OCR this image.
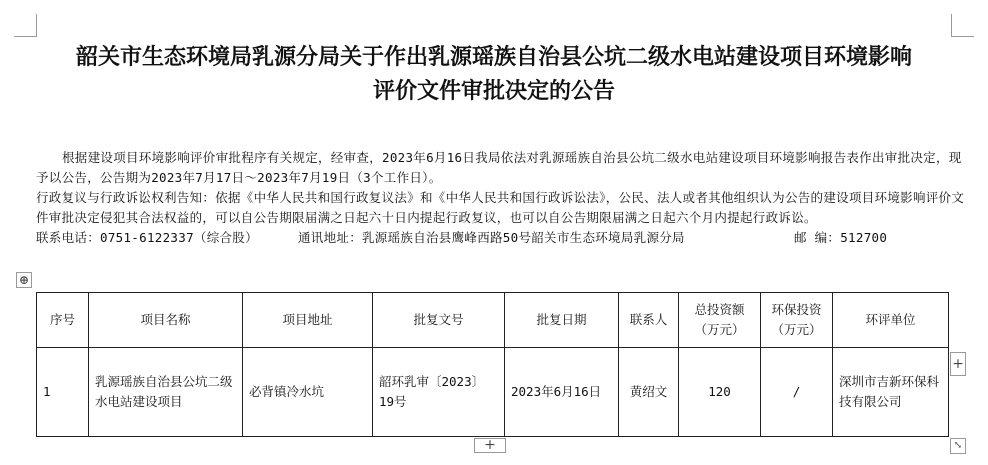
韶关市生态环境局乳源分局关于作出乳源瑶族自治县公坑二级水电站建设项目环境影响
评价文件审批决定的公告

根据建设项目环境影响评价审批程序有关规定，经审查，2023年6月16日我局依法对乳源瑶族自治县公坑二级水电站建设项目环境影响报告表作出审批决定，现予以公告，公告期为2023年7月17日～2023年7月19日（3个工作日）。

行政复议与行政诉讼权利告知：依据《中华人民共和国行政复议法》和《中华人民共和国行政诉讼法》，公民、法人或者其他组织认为公告的建设项目环境影响评价文件审批决定侵犯其合法权益的，可以自公告期限届满之日起六十日内提起行政复议，也可以自公告期限届满之日起六个月内提起行政诉讼。

联系电话：0751-6122337（综合股）	通讯地址：乳源瑶族自治县鹰峰西路50号韶关市生态环境局乳源分局	邮 编：512700
⊕
序号	项目名称	项目地址	批复文号	批复日期	联系人	总投资额（万元）	环保投资（万元）	环评单位
1	乳源瑶族自治县公坑二级水电站建设项目	必背镇冷水坑	韶环乳审〔2023〕19号	2023年6月16日	黄绍文	120	/	深圳市吉新环保科技有限公司
+
+	⤡
